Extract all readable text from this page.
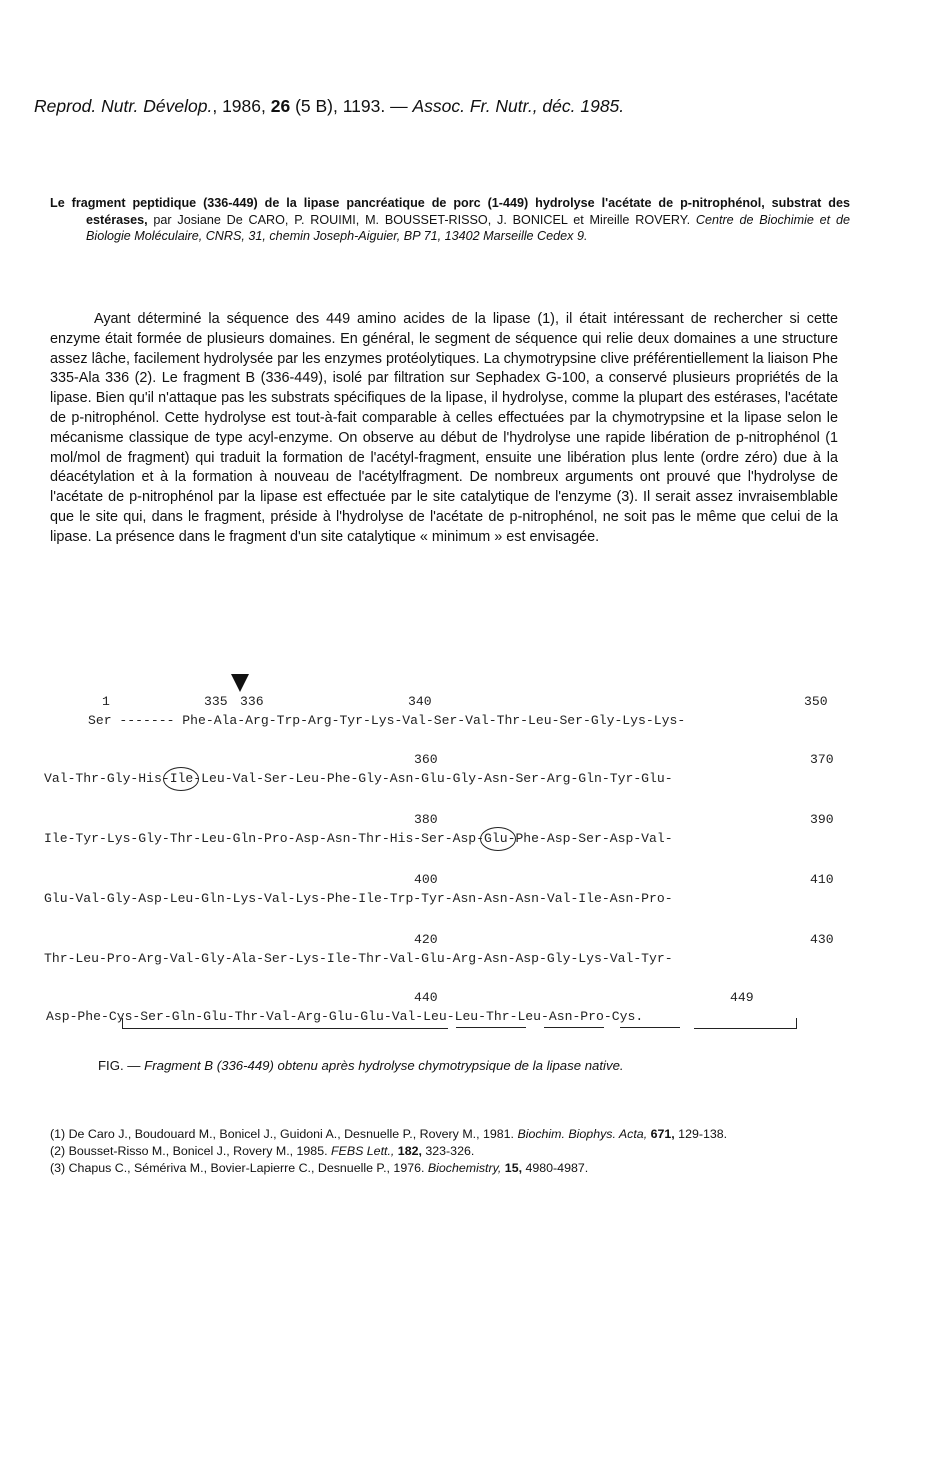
Reprod. Nutr. Dévelop., 1986, 26 (5 B), 1193. — Assoc. Fr. Nutr., déc. 1985.

Le fragment peptidique (336-449) de la lipase pancréatique de porc (1-449) hydrolyse l'acétate de p-nitrophénol, substrat des estérases, par Josiane De CARO, P. ROUIMI, M. BOUSSET-RISSO, J. BONICEL et Mireille ROVERY. Centre de Biochimie et de Biologie Moléculaire, CNRS, 31, chemin Joseph-Aiguier, BP 71, 13402 Marseille Cedex 9.

Ayant déterminé la séquence des 449 amino acides de la lipase (1), il était intéressant de rechercher si cette enzyme était formée de plusieurs domaines. En général, le segment de séquence qui relie deux domaines a une structure assez lâche, facilement hydrolysée par les enzymes protéolytiques. La chymotrypsine clive préférentiellement la liaison Phe 335-Ala 336 (2). Le fragment B (336-449), isolé par filtration sur Sephadex G-100, a conservé plusieurs propriétés de la lipase. Bien qu'il n'attaque pas les substrats spécifiques de la lipase, il hydrolyse, comme la plupart des estérases, l'acétate de p-nitrophénol. Cette hydrolyse est tout-à-fait comparable à celles effectuées par la chymotrypsine et la lipase selon le mécanisme classique de type acyl-enzyme. On observe au début de l'hydrolyse une rapide libération de p-nitrophénol (1 mol/mol de fragment) qui traduit la formation de l'acétyl-fragment, ensuite une libération plus lente (ordre zéro) due à la déacétylation et à la formation à nouveau de l'acétylfragment. De nombreux arguments ont prouvé que l'hydrolyse de l'acétate de p-nitrophénol par la lipase est effectuée par le site catalytique de l'enzyme (3). Il serait assez invraisemblable que le site qui, dans le fragment, préside à l'hydrolyse de l'acétate de p-nitrophénol, ne soit pas le même que celui de la lipase. La présence dans le fragment d'un site catalytique « minimum » est envisagée.

1	335 336	340	350
Ser ------- Phe-Ala-Arg-Trp-Arg-Tyr-Lys-Val-Ser-Val-Thr-Leu-Ser-Gly-Lys-Lys-
360	370
Val-Thr-Gly-His-Ile-Leu-Val-Ser-Leu-Phe-Gly-Asn-Glu-Gly-Asn-Ser-Arg-Gln-Tyr-Glu-
380	390
Ile-Tyr-Lys-Gly-Thr-Leu-Gln-Pro-Asp-Asn-Thr-His-Ser-Asp-Glu-Phe-Asp-Ser-Asp-Val-
400	410
Glu-Val-Gly-Asp-Leu-Gln-Lys-Val-Lys-Phe-Ile-Trp-Tyr-Asn-Asn-Asn-Val-Ile-Asn-Pro-
420	430
Thr-Leu-Pro-Arg-Val-Gly-Ala-Ser-Lys-Ile-Thr-Val-Glu-Arg-Asn-Asp-Gly-Lys-Val-Tyr-
440	449
Asp-Phe-Cys-Ser-Gln-Glu-Thr-Val-Arg-Glu-Glu-Val-Leu-Leu-Thr-Leu-Asn-Pro-Cys.
FIG. — Fragment B (336-449) obtenu après hydrolyse chymotrypsique de la lipase native.

(1) De Caro J., Boudouard M., Bonicel J., Guidoni A., Desnuelle P., Rovery M., 1981. Biochim. Biophys. Acta, 671, 129-138.

(2) Bousset-Risso M., Bonicel J., Rovery M., 1985. FEBS Lett., 182, 323-326.

(3) Chapus C., Sémériva M., Bovier-Lapierre C., Desnuelle P., 1976. Biochemistry, 15, 4980-4987.
